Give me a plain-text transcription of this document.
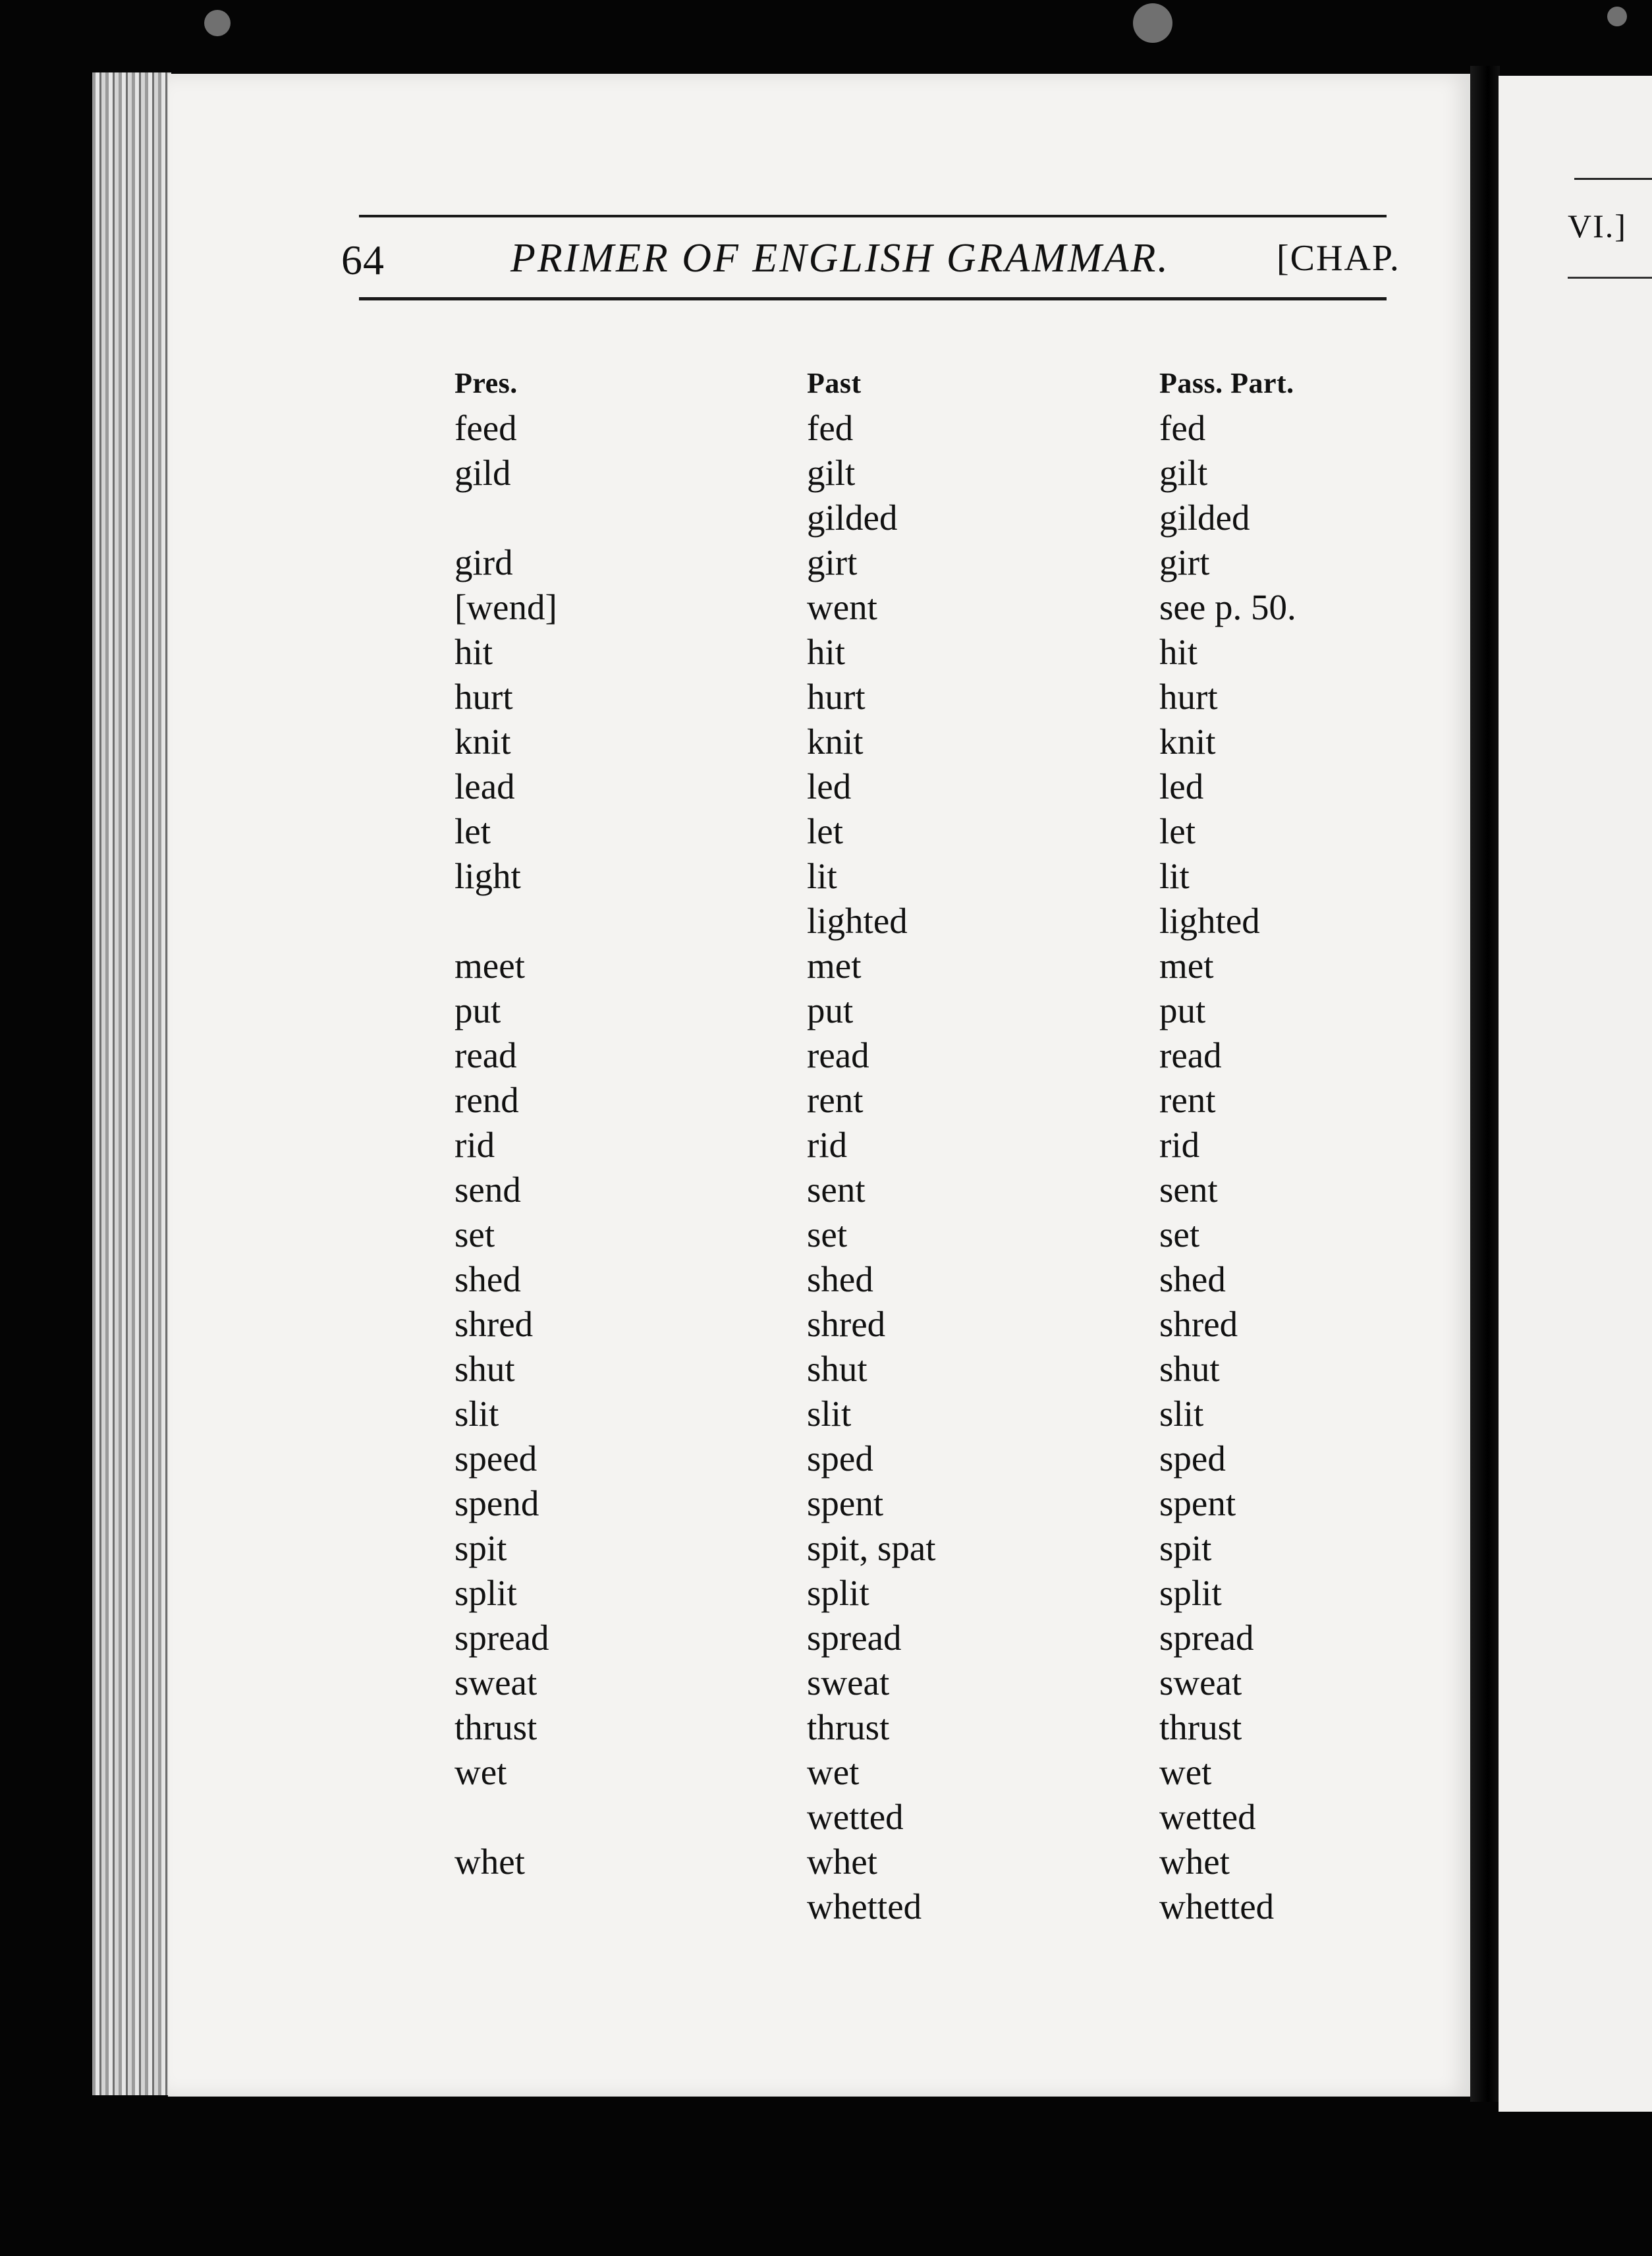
64	PRIMER OF ENGLISH GRAMMAR.	[CHAP.
VI.]
Pres.
feed
gild
gird
[wend]
hit
hurt
knit
lead
let
light
meet
put
read
rend
rid
send
set
shed
shred
shut
slit
speed
spend
spit
split
spread
sweat
thrust
wet
whet
Past
fed
gilt
gilded
girt
went
hit
hurt
knit
led
let
lit
lighted
met
put
read
rent
rid
sent
set
shed
shred
shut
slit
sped
spent
spit, spat
split
spread
sweat
thrust
wet
wetted
whet
whetted
Pass. Part.
fed
gilt
gilded
girt
see p. 50.
hit
hurt
knit
led
let
lit
lighted
met
put
read
rent
rid
sent
set
shed
shred
shut
slit
sped
spent
spit
split
spread
sweat
thrust
wet
wetted
whet
whetted
